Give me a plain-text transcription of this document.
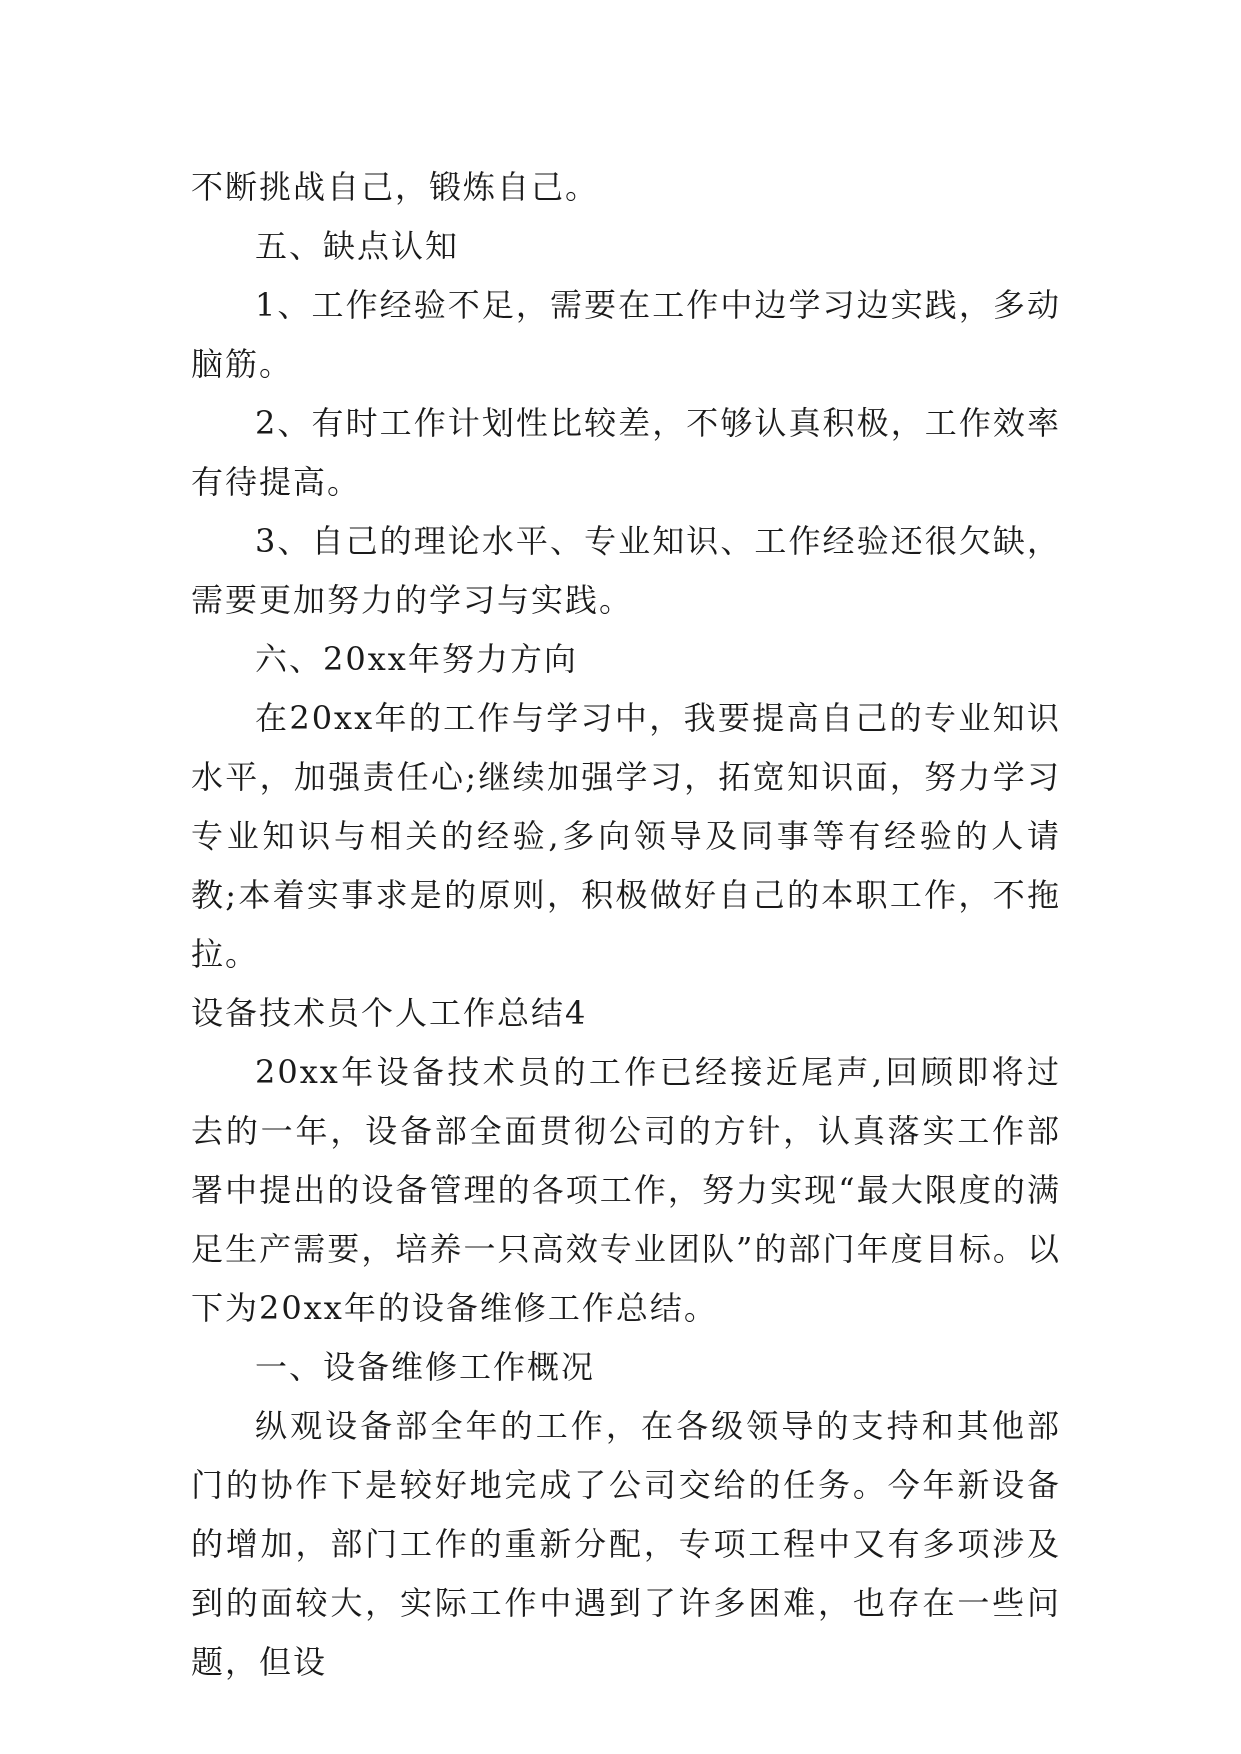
不断挑战自己，锻炼自己。

五、缺点认知

1、工作经验不足，需要在工作中边学习边实践，多动脑筋。

2、有时工作计划性比较差，不够认真积极，工作效率有待提高。

3、自己的理论水平、专业知识、工作经验还很欠缺，需要更加努力的学习与实践。

六、20xx年努力方向

在20xx年的工作与学习中，我要提高自己的专业知识水平，加强责任心;继续加强学习，拓宽知识面，努力学习专业知识与相关的经验,多向领导及同事等有经验的人请教;本着实事求是的原则，积极做好自己的本职工作，不拖拉。

设备技术员个人工作总结4

20xx年设备技术员的工作已经接近尾声,回顾即将过去的一年，设备部全面贯彻公司的方针，认真落实工作部署中提出的设备管理的各项工作，努力实现“最大限度的满足生产需要，培养一只高效专业团队”的部门年度目标。以下为20xx年的设备维修工作总结。

一、设备维修工作概况

纵观设备部全年的工作，在各级领导的支持和其他部门的协作下是较好地完成了公司交给的任务。今年新设备的增加，部门工作的重新分配，专项工程中又有多项涉及到的面较大，实际工作中遇到了许多困难，也存在一些问题，但设
